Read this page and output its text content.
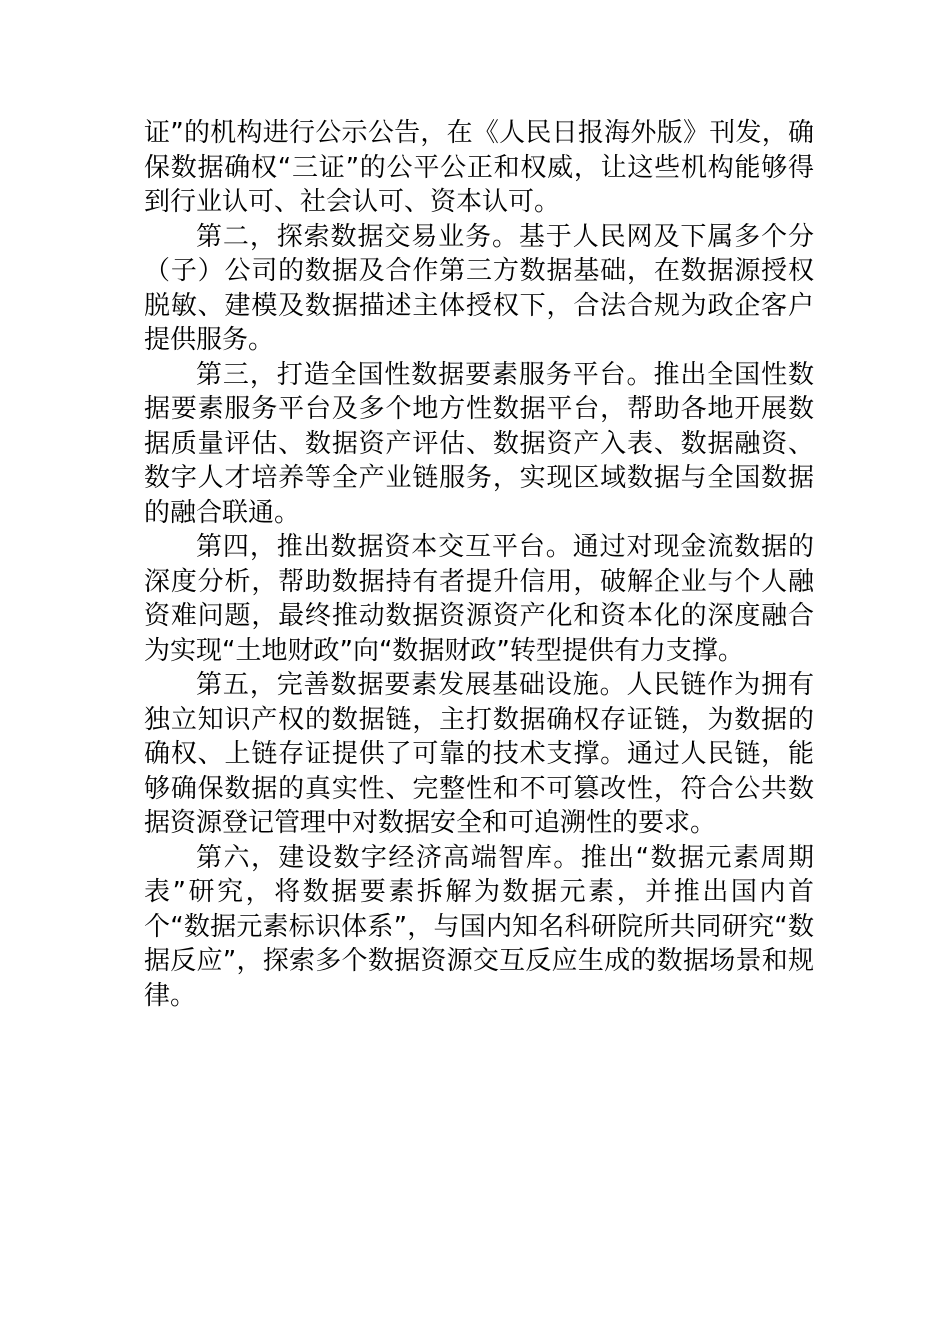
证”的机构进行公示公告，在《人民日报海外版》刊发，确保数据确权“三证”的公平公正和权威，让这些机构能够得到行业认可、社会认可、资本认可。

第二，探索数据交易业务。基于人民网及下属多个分（子）公司的数据及合作第三方数据基础，在数据源授权脱敏、建模及数据描述主体授权下，合法合规为政企客户提供服务。

第三，打造全国性数据要素服务平台。推出全国性数据要素服务平台及多个地方性数据平台，帮助各地开展数据质量评估、数据资产评估、数据资产入表、数据融资、数字人才培养等全产业链服务，实现区域数据与全国数据的融合联通。

第四，推出数据资本交互平台。通过对现金流数据的深度分析，帮助数据持有者提升信用，破解企业与个人融资难问题，最终推动数据资源资产化和资本化的深度融合为实现“土地财政”向“数据财政”转型提供有力支撑。

第五，完善数据要素发展基础设施。人民链作为拥有独立知识产权的数据链，主打数据确权存证链，为数据的确权、上链存证提供了可靠的技术支撑。通过人民链，能够确保数据的真实性、完整性和不可篡改性，符合公共数据资源登记管理中对数据安全和可追溯性的要求。

第六，建设数字经济高端智库。推出“数据元素周期表”研究，将数据要素拆解为数据元素，并推出国内首个“数据元素标识体系”，与国内知名科研院所共同研究“数据反应”，探索多个数据资源交互反应生成的数据场景和规律。
